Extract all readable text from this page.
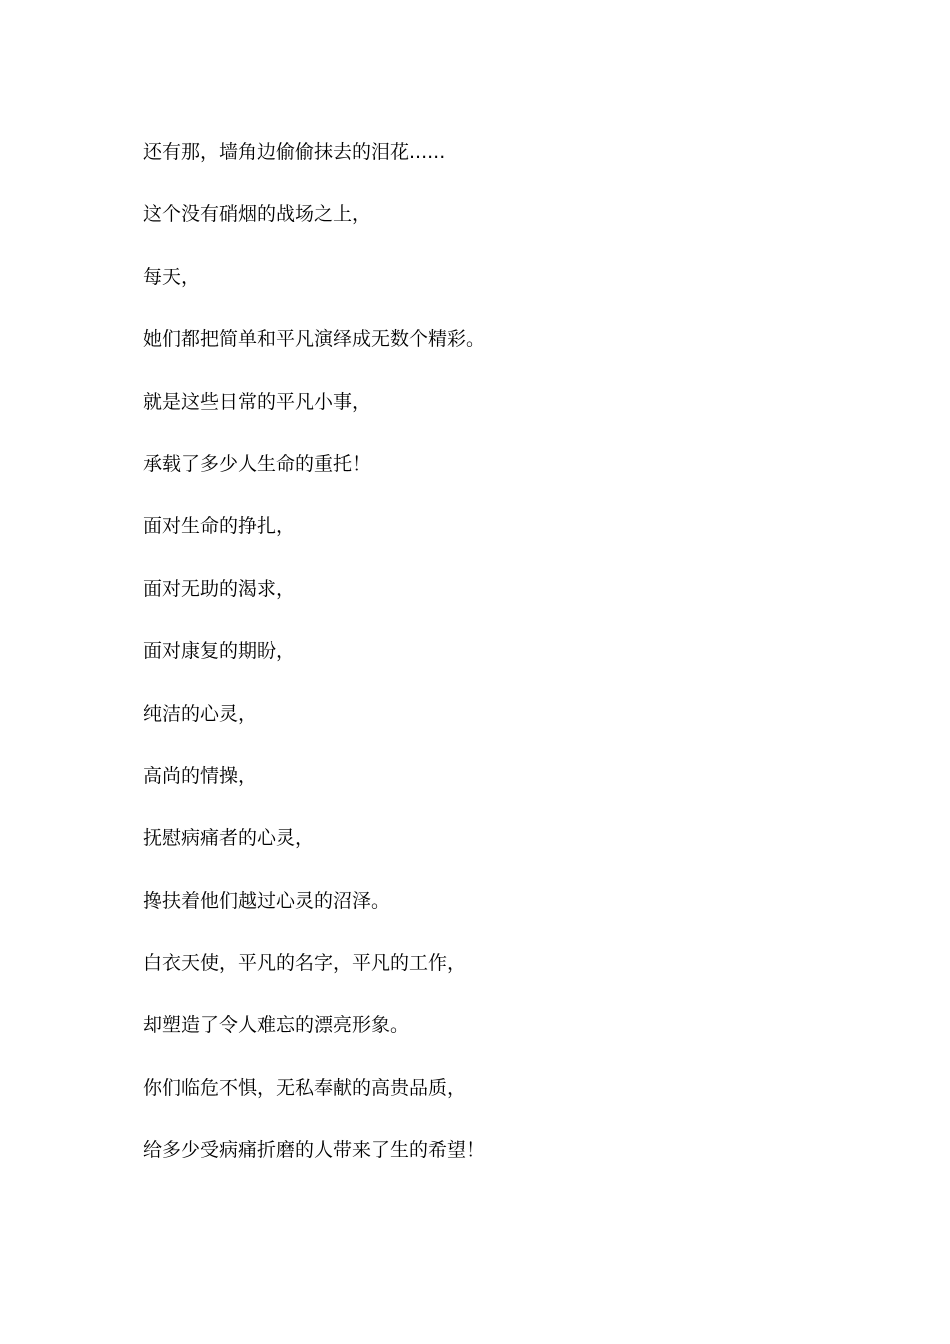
还有那，墙角边偷偷抹去的泪花......

这个没有硝烟的战场之上，

每天，

她们都把简单和平凡演绎成无数个精彩。

就是这些日常的平凡小事，

承载了多少人生命的重托！

面对生命的挣扎，

面对无助的渴求，

面对康复的期盼，

纯洁的心灵，

高尚的情操，

抚慰病痛者的心灵，

搀扶着他们越过心灵的沼泽。

白衣天使，平凡的名字，平凡的工作，

却塑造了令人难忘的漂亮形象。

你们临危不惧，无私奉献的高贵品质，

给多少受病痛折磨的人带来了生的希望！
